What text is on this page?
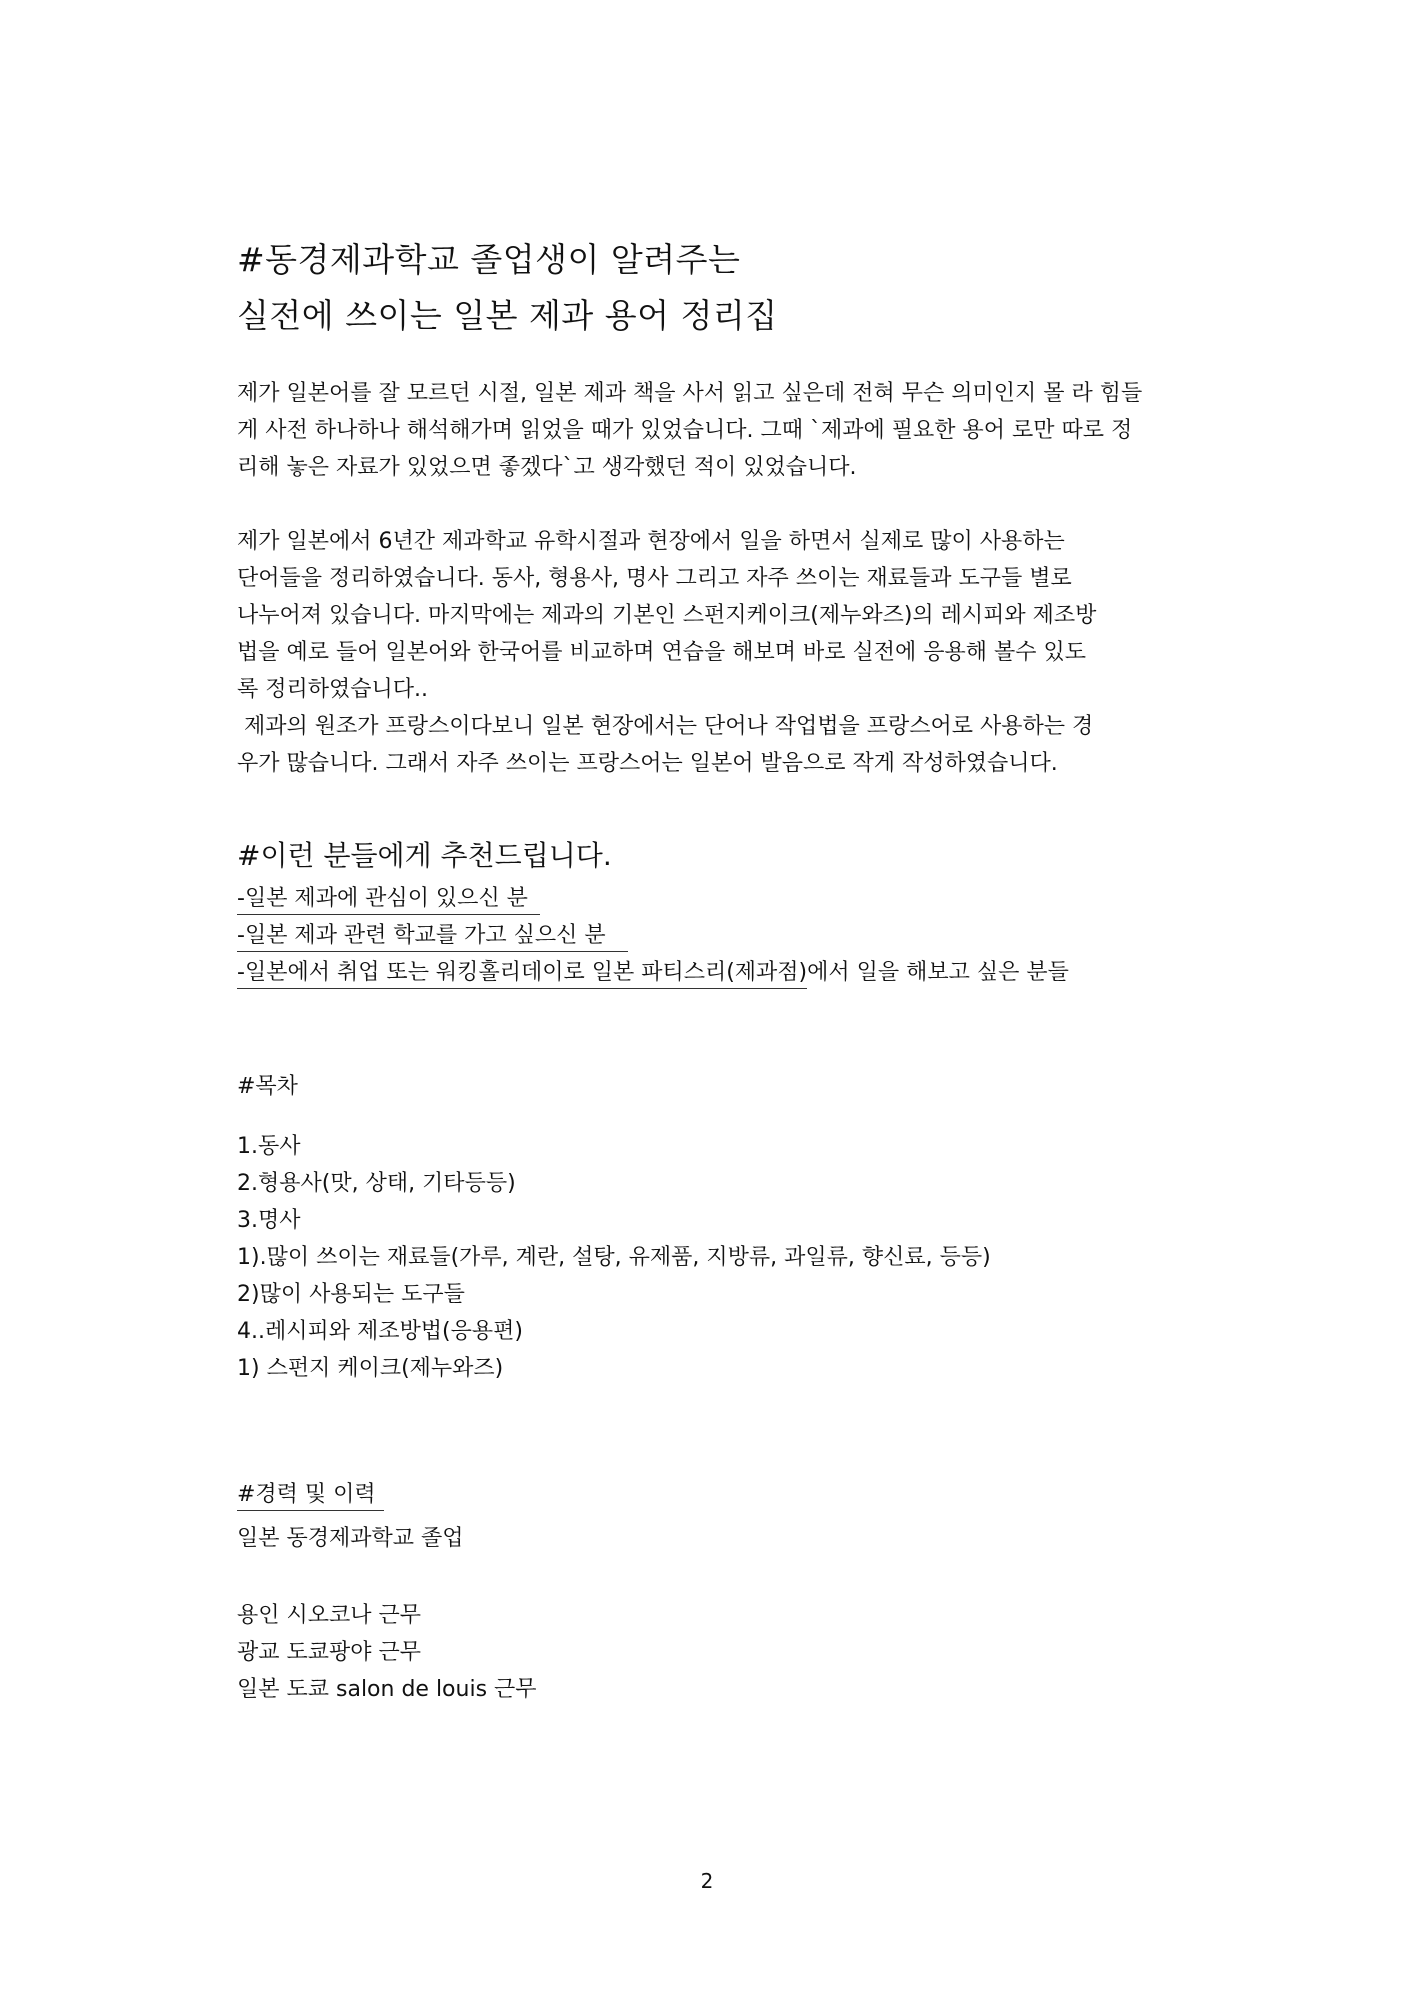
#동경제과학교 졸업생이 알려주는
실전에 쓰이는 일본 제과 용어 정리집
제가 일본어를 잘 모르던 시절, 일본 제과 책을 사서 읽고 싶은데 전혀 무슨 의미인지 몰 라 힘들
게 사전 하나하나 해석해가며 읽었을 때가 있었습니다. 그때 `제과에 필요한 용어 로만 따로 정
리해 놓은 자료가 있었으면 좋겠다`고 생각했던 적이 있었습니다.
제가 일본에서 6년간 제과학교 유학시절과 현장에서 일을 하면서 실제로 많이 사용하는
단어들을 정리하였습니다. 동사, 형용사, 명사 그리고 자주 쓰이는 재료들과 도구들 별로
나누어져 있습니다. 마지막에는 제과의 기본인 스펀지케이크(제누와즈)의 레시피와 제조방
법을 예로 들어 일본어와 한국어를 비교하며 연습을 해보며 바로 실전에 응용해 볼수 있도
록 정리하였습니다..
제과의 원조가 프랑스이다보니 일본 현장에서는 단어나 작업법을 프랑스어로 사용하는 경
우가 많습니다. 그래서 자주 쓰이는 프랑스어는 일본어 발음으로 작게 작성하였습니다.
#이런 분들에게 추천드립니다.
-일본 제과에 관심이 있으신 분
-일본 제과 관련 학교를 가고 싶으신 분
-일본에서 취업 또는 워킹홀리데이로 일본 파티스리(제과점)에서 일을 해보고 싶은 분들
#목차
1.동사
2.형용사(맛, 상태, 기타등등)
3.명사
1).많이 쓰이는 재료들(가루, 계란, 설탕, 유제품, 지방류, 과일류, 향신료, 등등)
2)많이 사용되는 도구들
4..레시피와 제조방법(응용편)
1) 스펀지 케이크(제누와즈)
#경력 및 이력
일본 동경제과학교 졸업
용인 시오코나 근무
광교 도쿄팡야 근무
일본 도쿄 salon de louis 근무
2
